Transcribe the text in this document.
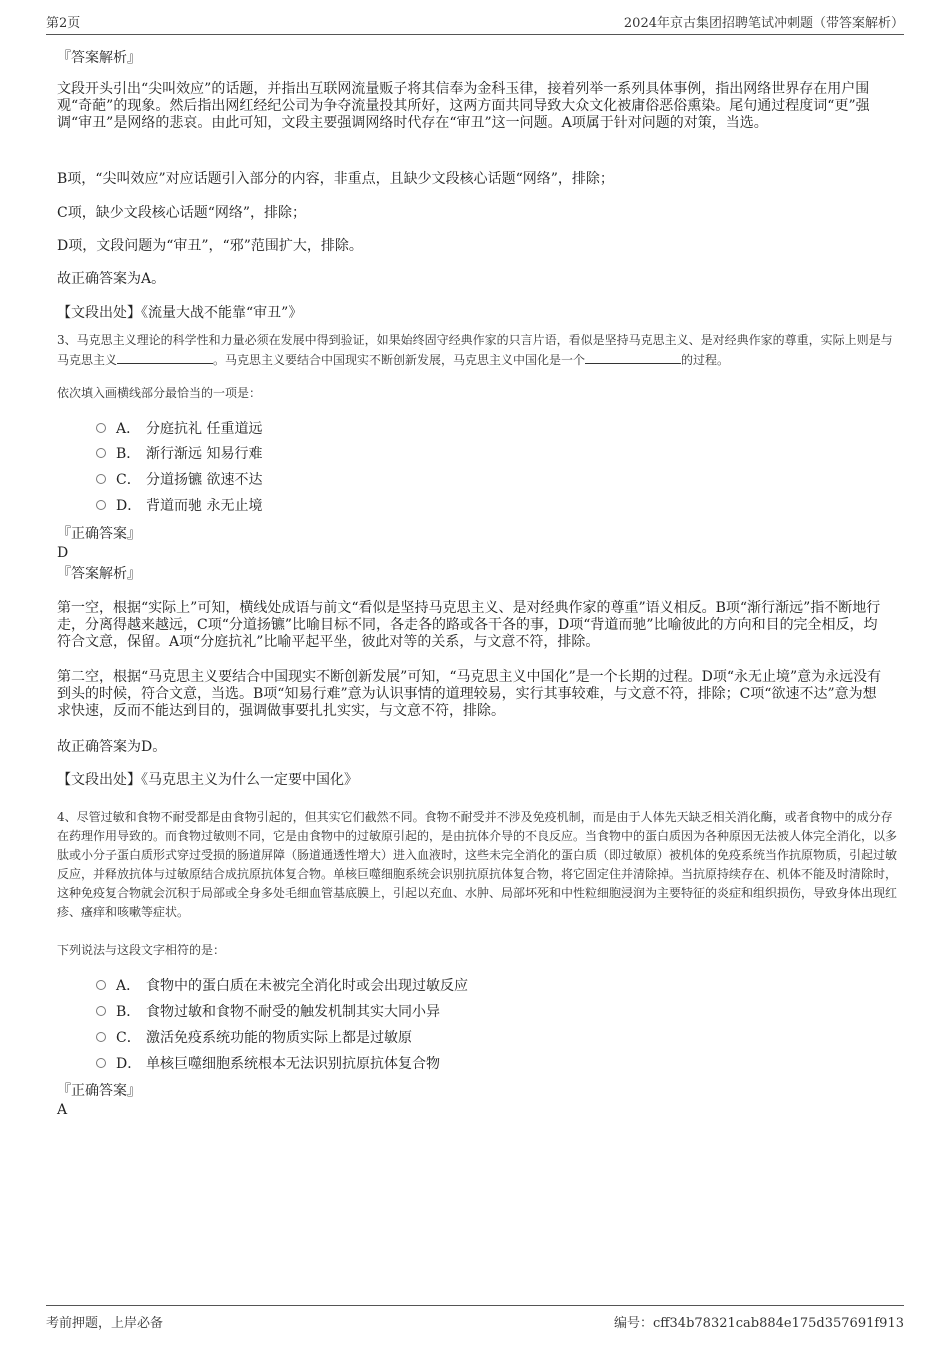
第2页	2024年京古集团招聘笔试冲刺题（带答案解析）
『答案解析』
文段开头引出“尖叫效应”的话题，并指出互联网流量贩子将其信奉为金科玉律，接着列举一系列具体事例，指出网络世界存在用户围观“奇葩”的现象。然后指出网红经纪公司为争夺流量投其所好，这两方面共同导致大众文化被庸俗恶俗熏染。尾句通过程度词“更”强调“审丑”是网络的悲哀。由此可知，文段主要强调网络时代存在“审丑”这一问题。A项属于针对问题的对策，当选。
B项，“尖叫效应”对应话题引入部分的内容，非重点，且缺少文段核心话题“网络”，排除；
C项，缺少文段核心话题“网络”，排除；
D项，文段问题为“审丑”，“邪”范围扩大，排除。
故正确答案为A。
【文段出处】《流量大战不能靠“审丑”》
3、马克思主义理论的科学性和力量必须在发展中得到验证，如果始终固守经典作家的只言片语，看似是坚持马克思主义、是对经典作家的尊重，实际上则是与马克思主义	。马克思主义要结合中国现实不断创新发展，马克思主义中国化是一个	的过程。
依次填入画横线部分最恰当的一项是：
A． 分庭抗礼 任重道远
B． 渐行渐远 知易行难
C． 分道扬镳 欲速不达
D． 背道而驰 永无止境
『正确答案』
D
『答案解析』
第一空，根据“实际上”可知，横线处成语与前文“看似是坚持马克思主义、是对经典作家的尊重”语义相反。B项“渐行渐远”指不断地行走，分离得越来越远，C项“分道扬镳”比喻目标不同，各走各的路或各干各的事，D项“背道而驰”比喻彼此的方向和目的完全相反，均符合文意，保留。A项“分庭抗礼”比喻平起平坐，彼此对等的关系，与文意不符，排除。
第二空，根据“马克思主义要结合中国现实不断创新发展”可知，“马克思主义中国化”是一个长期的过程。D项“永无止境”意为永远没有到头的时候，符合文意，当选。B项“知易行难”意为认识事情的道理较易，实行其事较难，与文意不符，排除；C项“欲速不达”意为想求快速，反而不能达到目的，强调做事要扎扎实实，与文意不符，排除。
故正确答案为D。
【文段出处】《马克思主义为什么一定要中国化》
4、尽管过敏和食物不耐受都是由食物引起的，但其实它们截然不同。食物不耐受并不涉及免疫机制，而是由于人体先天缺乏相关消化酶，或者食物中的成分存在药理作用导致的。而食物过敏则不同，它是由食物中的过敏原引起的，是由抗体介导的不良反应。当食物中的蛋白质因为各种原因无法被人体完全消化，以多肽或小分子蛋白质形式穿过受损的肠道屏障（肠道通透性增大）进入血液时，这些未完全消化的蛋白质（即过敏原）被机体的免疫系统当作抗原物质，引起过敏反应，并释放抗体与过敏原结合成抗原抗体复合物。单核巨噬细胞系统会识别抗原抗体复合物，将它固定住并清除掉。当抗原持续存在、机体不能及时清除时，这种免疫复合物就会沉积于局部或全身多处毛细血管基底膜上，引起以充血、水肿、局部坏死和中性粒细胞浸润为主要特征的炎症和组织损伤，导致身体出现红疹、瘙痒和咳嗽等症状。
下列说法与这段文字相符的是：
A． 食物中的蛋白质在未被完全消化时或会出现过敏反应
B． 食物过敏和食物不耐受的触发机制其实大同小异
C． 激活免疫系统功能的物质实际上都是过敏原
D． 单核巨噬细胞系统根本无法识别抗原抗体复合物
『正确答案』
A
考前押题，上岸必备	编号：cff34b78321cab884e175d357691f913
